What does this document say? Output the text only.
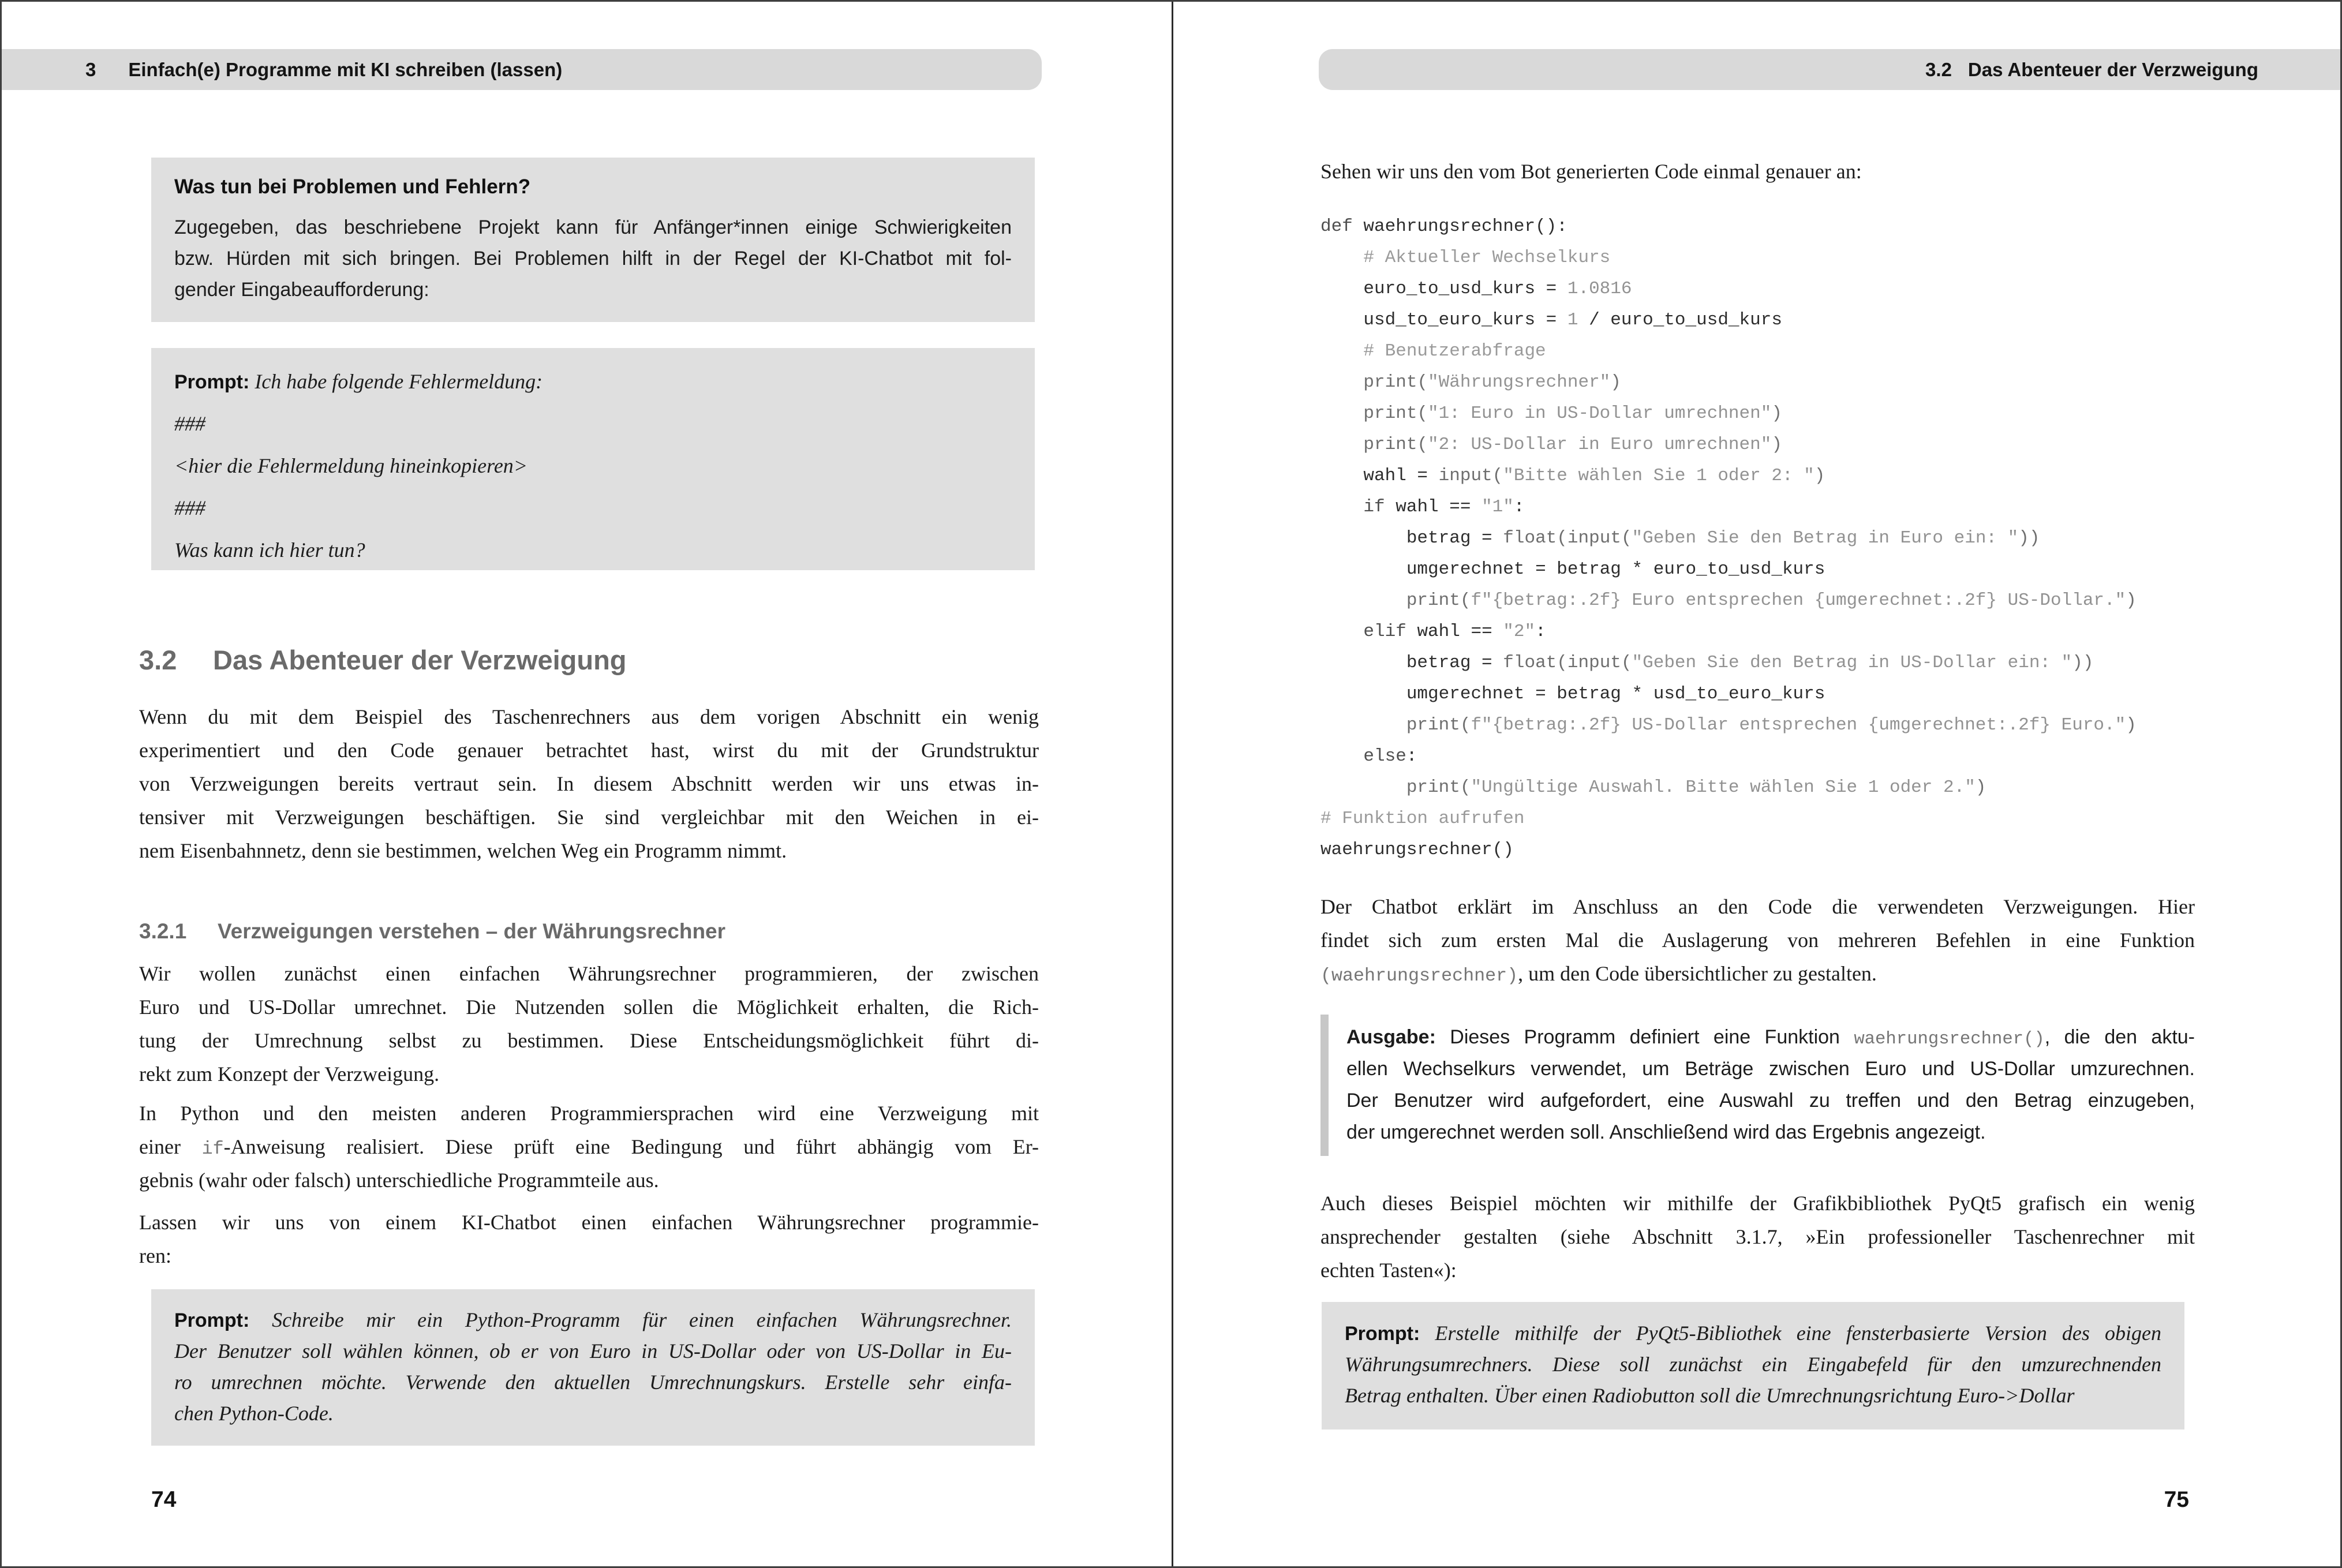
3 Einfach(e) Programme mit KI schreiben (lassen)
Was tun bei Problemen und Fehlern?
Zugegeben, das beschriebene Projekt kann für Anfänger*innen einige Schwierigkeiten
bzw. Hürden mit sich bringen. Bei Problemen hilft in der Regel der KI-Chatbot mit fol-
gender Eingabeaufforderung:
Prompt: Ich habe folgende Fehlermeldung:
###
<hier die Fehlermeldung hineinkopieren>
###
Was kann ich hier tun?
3.2	Das Abenteuer der Verzweigung
Wenn du mit dem Beispiel des Taschenrechners aus dem vorigen Abschnitt ein wenig
experimentiert und den Code genauer betrachtet hast, wirst du mit der Grundstruktur
von Verzweigungen bereits vertraut sein. In diesem Abschnitt werden wir uns etwas in-
tensiver mit Verzweigungen beschäftigen. Sie sind vergleichbar mit den Weichen in ei-
nem Eisenbahnnetz, denn sie bestimmen, welchen Weg ein Programm nimmt.
3.2.1	Verzweigungen verstehen – der Währungsrechner
Wir wollen zunächst einen einfachen Währungsrechner programmieren, der zwischen
Euro und US-Dollar umrechnet. Die Nutzenden sollen die Möglichkeit erhalten, die Rich-
tung der Umrechnung selbst zu bestimmen. Diese Entscheidungsmöglichkeit führt di-
rekt zum Konzept der Verzweigung.
In Python und den meisten anderen Programmiersprachen wird eine Verzweigung mit
einer if-Anweisung realisiert. Diese prüft eine Bedingung und führt abhängig vom Er-
gebnis (wahr oder falsch) unterschiedliche Programmteile aus.
Lassen wir uns von einem KI-Chatbot einen einfachen Währungsrechner programmie-
ren:
Prompt: Schreibe mir ein Python-Programm für einen einfachen Währungsrechner.
Der Benutzer soll wählen können, ob er von Euro in US-Dollar oder von US-Dollar in Eu-
ro umrechnen möchte. Verwende den aktuellen Umrechnungskurs. Erstelle sehr einfa-
chen Python-Code.
74
3.2 Das Abenteuer der Verzweigung
Sehen wir uns den vom Bot generierten Code einmal genauer an:
def waehrungsrechner():
# Aktueller Wechselkurs
euro_to_usd_kurs = 1.0816
usd_to_euro_kurs = 1 / euro_to_usd_kurs
# Benutzerabfrage
print("Währungsrechner")
print("1: Euro in US-Dollar umrechnen")
print("2: US-Dollar in Euro umrechnen")
wahl = input("Bitte wählen Sie 1 oder 2: ")
if wahl == "1":
betrag = float(input("Geben Sie den Betrag in Euro ein: "))
umgerechnet = betrag * euro_to_usd_kurs
print(f"{betrag:.2f} Euro entsprechen {umgerechnet:.2f} US-Dollar.")
elif wahl == "2":
betrag = float(input("Geben Sie den Betrag in US-Dollar ein: "))
umgerechnet = betrag * usd_to_euro_kurs
print(f"{betrag:.2f} US-Dollar entsprechen {umgerechnet:.2f} Euro.")
else:
print("Ungültige Auswahl. Bitte wählen Sie 1 oder 2.")
# Funktion aufrufen
waehrungsrechner()
Der Chatbot erklärt im Anschluss an den Code die verwendeten Verzweigungen. Hier
findet sich zum ersten Mal die Auslagerung von mehreren Befehlen in eine Funktion
(waehrungsrechner), um den Code übersichtlicher zu gestalten.
Ausgabe: Dieses Programm definiert eine Funktion waehrungsrechner(), die den aktu-
ellen Wechselkurs verwendet, um Beträge zwischen Euro und US-Dollar umzurechnen.
Der Benutzer wird aufgefordert, eine Auswahl zu treffen und den Betrag einzugeben,
der umgerechnet werden soll. Anschließend wird das Ergebnis angezeigt.
Auch dieses Beispiel möchten wir mithilfe der Grafikbibliothek PyQt5 grafisch ein wenig
ansprechender gestalten (siehe Abschnitt 3.1.7, »Ein professioneller Taschenrechner mit
echten Tasten«):
Prompt: Erstelle mithilfe der PyQt5-Bibliothek eine fensterbasierte Version des obigen
Währungsumrechners. Diese soll zunächst ein Eingabefeld für den umzurechnenden
Betrag enthalten. Über einen Radiobutton soll die Umrechnungsrichtung Euro->Dollar
75
